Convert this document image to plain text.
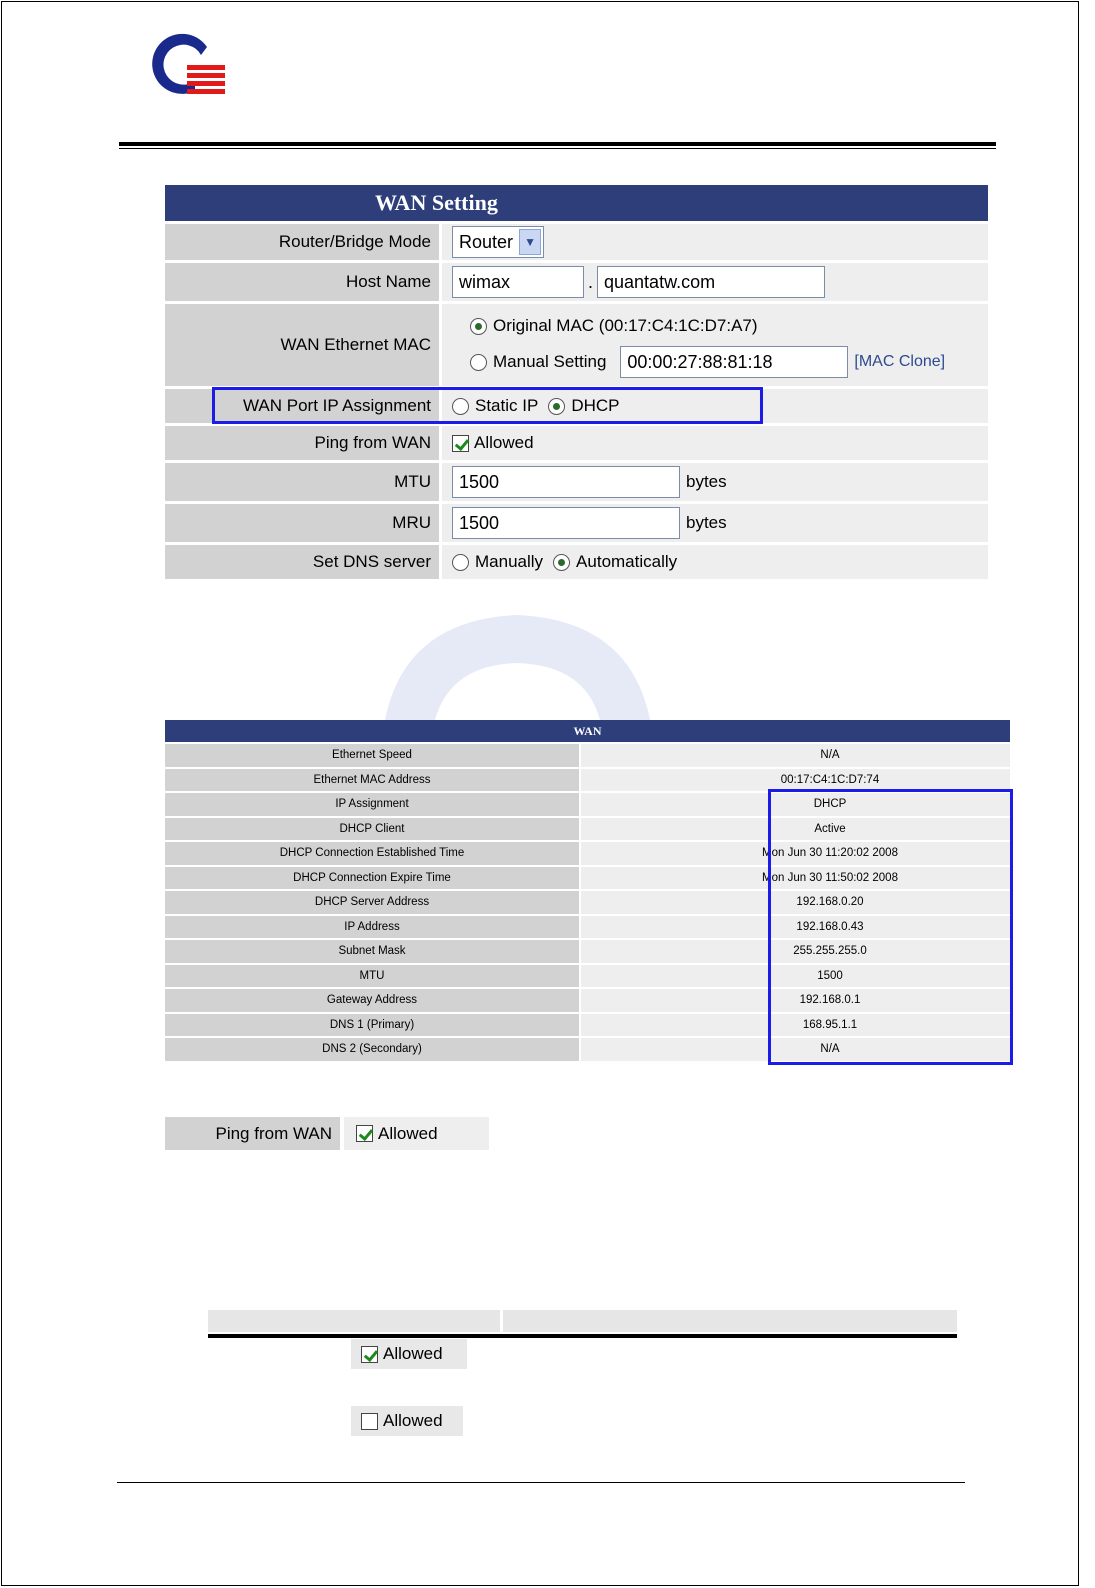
WAN Setting
Router/Bridge Mode	Router ▼
Host Name	wimax	. quantatw.com
WAN Ethernet MAC
Original MAC (00:17:C4:1C:D7:A7)
Manual Setting	00:00:27:88:81:18	[MAC Clone]
WAN Port IP Assignment	Static IP DHCP
Ping from WAN	Allowed
MTU	1500	bytes
MRU	1500	bytes
Set DNS server	Manually Automatically
WAN
Ethernet Speed	N/A
Ethernet MAC Address	00:17:C4:1C:D7:74
IP Assignment	DHCP
DHCP Client	Active
DHCP Connection Established Time	Mon Jun 30 11:20:02 2008
DHCP Connection Expire Time	Mon Jun 30 11:50:02 2008
DHCP Server Address	192.168.0.20
IP Address	192.168.0.43
Subnet Mask	255.255.255.0
MTU	1500
Gateway Address	192.168.0.1
DNS 1 (Primary)	168.95.1.1
DNS 2 (Secondary)	N/A
Ping from WAN	Allowed
Allowed
Allowed
